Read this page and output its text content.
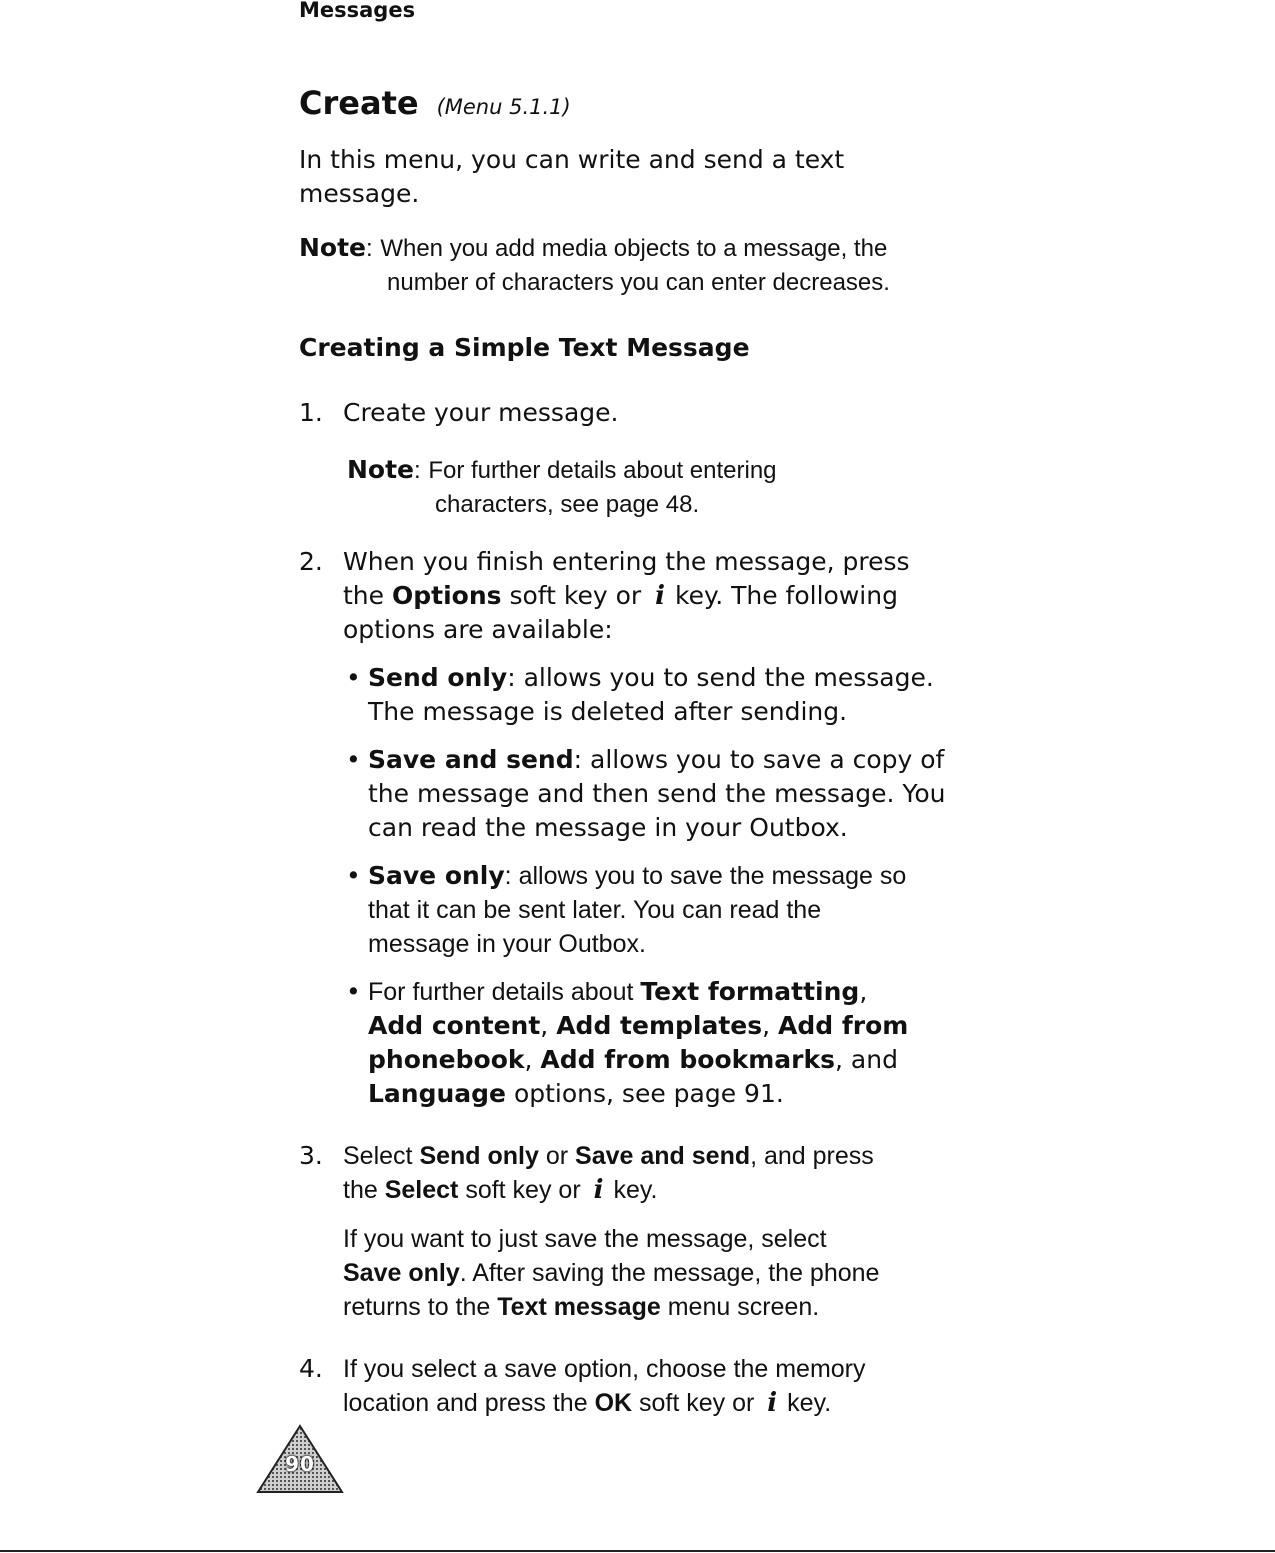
Messages
Create (Menu 5.1.1)

In this menu, you can write and send a text
message.

Note: When you add media objects to a message, the
number of characters you can enter decreases.
Creating a Simple Text Message
1. Create your message.
Note: For further details about entering
characters, see page 48.
2. When you finish entering the message, press
the Options soft key or i key. The following
options are available:
• Send only: allows you to send the message.
The message is deleted after sending.
• Save and send: allows you to save a copy of
the message and then send the message. You
can read the message in your Outbox.
• Save only: allows you to save the message so
that it can be sent later. You can read the
message in your Outbox.
• For further details about Text formatting,
Add content, Add templates, Add from
phonebook, Add from bookmarks, and
Language options, see page 91.
3. Select Send only or Save and send, and press
the Select soft key or i key.
If you want to just save the message, select
Save only. After saving the message, the phone
returns to the Text message menu screen.
4. If you select a save option, choose the memory
location and press the OK soft key or i key.
90
